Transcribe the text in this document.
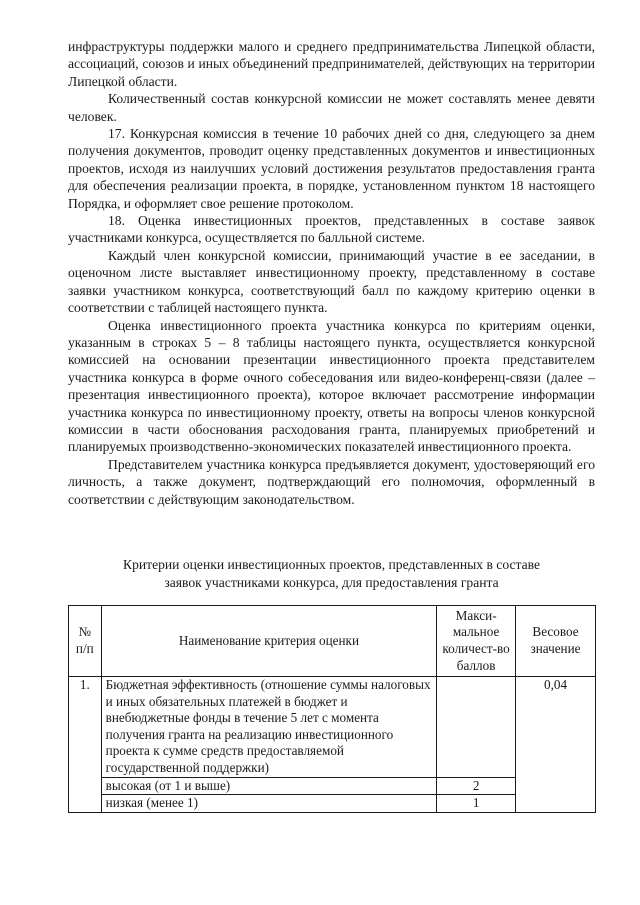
инфраструктуры поддержки малого и среднего предпринимательства Липецкой области, ассоциаций, союзов и иных объединений предпринимателей, действующих на территории Липецкой области.

Количественный состав конкурсной комиссии не может составлять менее девяти человек.

17. Конкурсная комиссия в течение 10 рабочих дней со дня, следующего за днем получения документов, проводит оценку представленных документов и инвестиционных проектов, исходя из наилучших условий достижения результатов предоставления гранта для обеспечения реализации проекта, в порядке, установленном пунктом 18 настоящего Порядка, и оформляет свое решение протоколом.

18. Оценка инвестиционных проектов, представленных в составе заявок участниками конкурса, осуществляется по балльной системе.

Каждый член конкурсной комиссии, принимающий участие в ее заседании, в оценочном листе выставляет инвестиционному проекту, представленному в составе заявки участником конкурса, соответствующий балл по каждому критерию оценки в соответствии с таблицей настоящего пункта.

Оценка инвестиционного проекта участника конкурса по критериям оценки, указанным в строках 5 – 8 таблицы настоящего пункта, осуществляется конкурсной комиссией на основании презентации инвестиционного проекта представителем участника конкурса в форме очного собеседования или видео-конференц-связи (далее – презентация инвестиционного проекта), которое включает рассмотрение информации участника конкурса по инвестиционному проекту, ответы на вопросы членов конкурсной комиссии в части обоснования расходования гранта, планируемых приобретений и планируемых производственно-экономических показателей инвестиционного проекта.

Представителем участника конкурса предъявляется документ, удостоверяющий его личность, а также документ, подтверждающий его полномочия, оформленный в соответствии с действующим законодательством.

Критерии оценки инвестиционных проектов, представленных в составе
заявок участниками конкурса, для предоставления гранта
№ п/п	Наименование критерия оценки	Макси-мальное количест-во баллов	Весовое значение
1.	Бюджетная эффективность (отношение суммы налоговых и иных обязательных платежей в бюджет и внебюджетные фонды в течение 5 лет с момента получения гранта на реализацию инвестиционного проекта к сумме средств предоставляемой государственной поддержки)		0,04
	высокая (от 1 и выше)	2	
	низкая (менее 1)	1	
